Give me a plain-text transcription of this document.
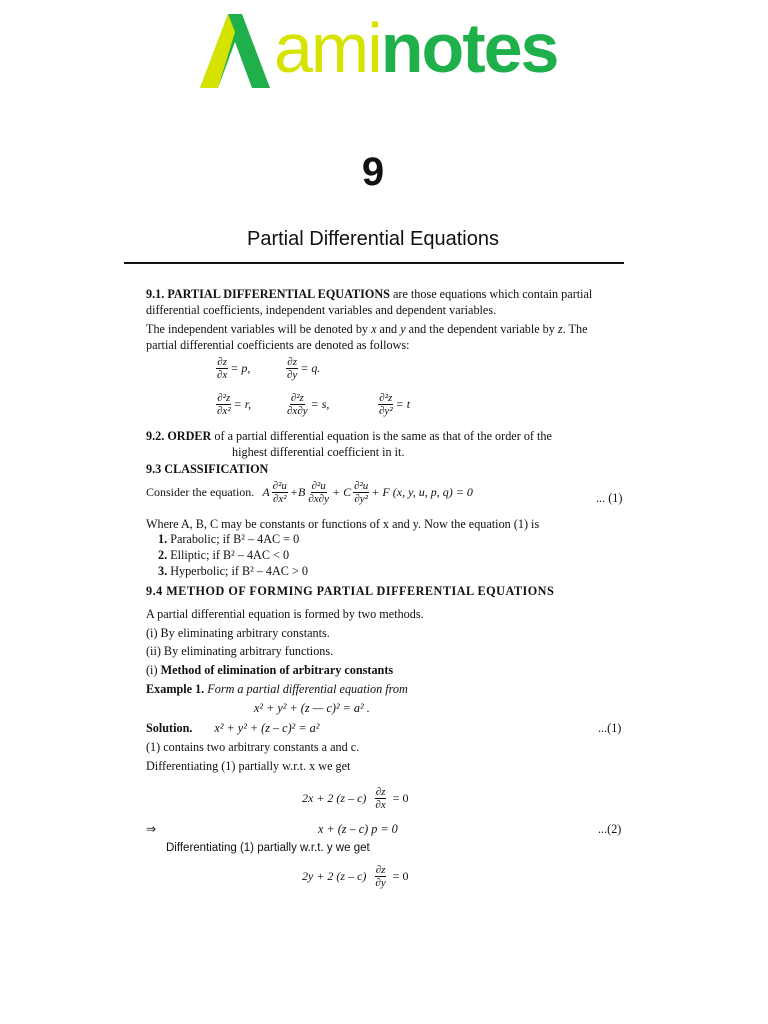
aminotes
9
Partial Differential Equations
9.1. PARTIAL DIFFERENTIAL EQUATIONS are those equations which contain partial
differential coefficients, independent variables and dependent variables.
The independent variables will be denoted by x and y and the dependent variable by z. The
partial differential coefficients are denoted as follows:
$\frac{\partial z}{\partial x} = p$,	$\frac{\partial z}{\partial y} = q$.
$\frac{\text{∂²z}}{\text{∂x²}} = r$,	$\frac{\text{∂²z}}{\partial x\partial y} = s$,	$\frac{\text{∂²z}}{\text{∂y²}} = t$
9.2. ORDER of a partial differential equation is the same as that of the order of the
highest differential coefficient in it.
9.3 CLASSIFICATION
Consider the equation. A $\frac{\text{∂²u}}{\text{∂x²}} +B \frac{\text{∂²u}}{\partial x\partial y} + C \frac{\text{∂²u}}{\text{∂y²}} + F$ (x, y, u, p, q) = 0	... (1)
Where A, B, C may be constants or functions of x and y. Now the equation (1) is
1. Parabolic; if B² – 4AC = 0
2. Elliptic; if B² – 4AC < 0
3. Hyperbolic; if B² – 4AC > 0
9.4 METHOD OF FORMING PARTIAL DIFFERENTIAL EQUATIONS
A partial differential equation is formed by two methods.
(i) By eliminating arbitrary constants.
(ii) By eliminating arbitrary functions.
(i) Method of elimination of arbitrary constants
Example 1. Form a partial differential equation from
x² + y² + (z — c)² = a² .
Solution. x² + y² + (z – c)² = a²	...(1)
(1) contains two arbitrary constants a and c.
Differentiating (1) partially w.r.t. x we get
2x + 2 $(z - c) \frac{\partial z}{\partial x} = 0$
⇒	x + (z – c) p = 0	...(2)
Differentiating (1) partially w.r.t. y we get
2y + 2 $(z - c) \frac{\partial z}{\partial y} = 0$
